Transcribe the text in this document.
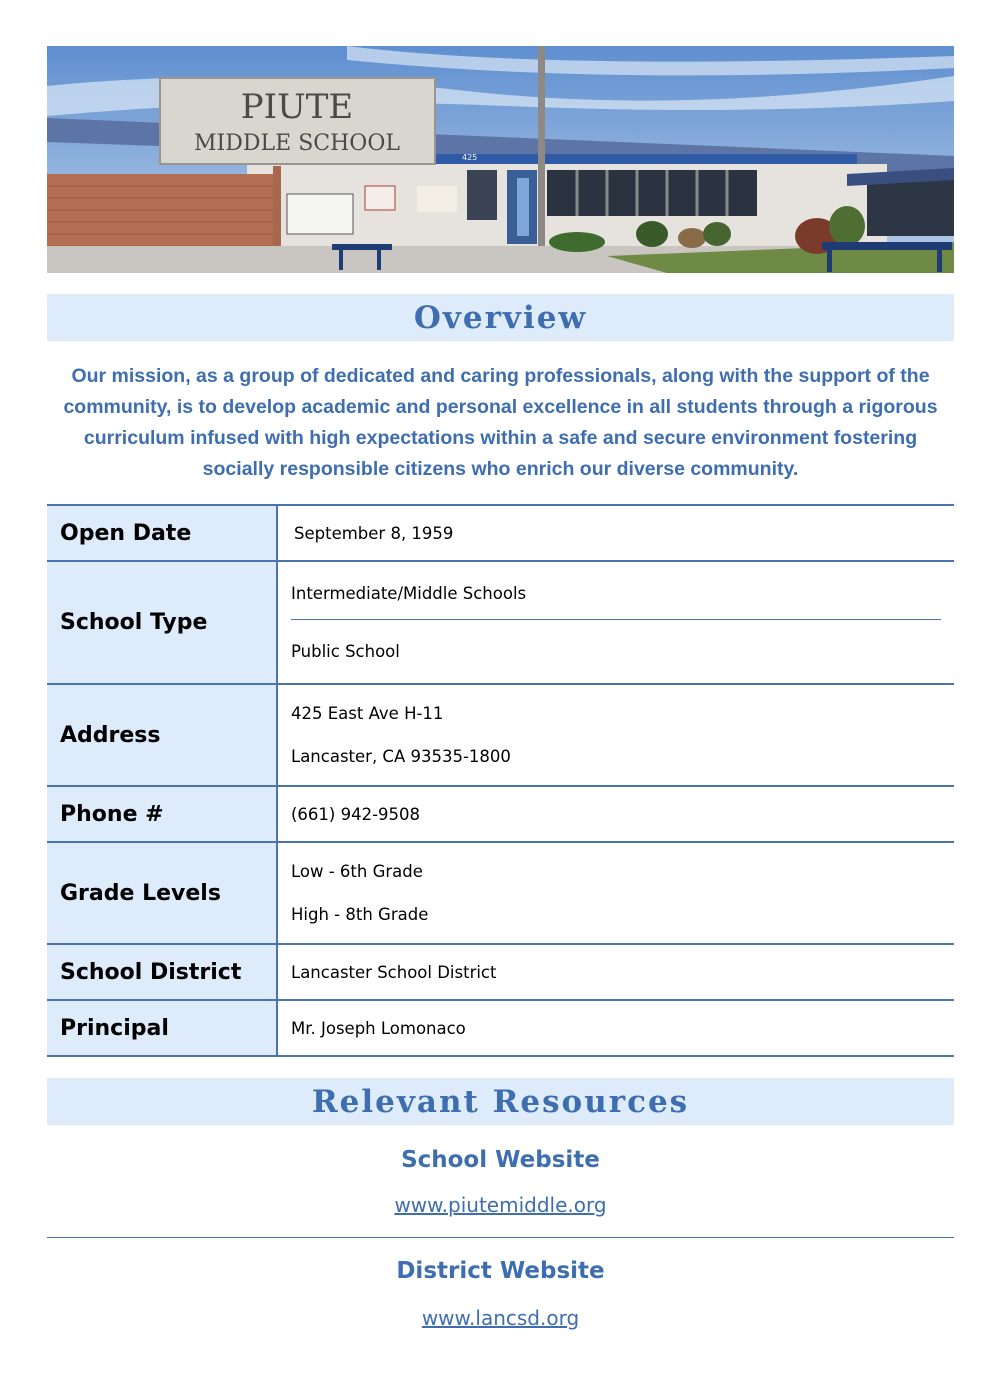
PIUTE
MIDDLE SCHOOL
425
Overview

Our mission, as a group of dedicated and caring professionals, along with the support of the community, is to develop academic and personal excellence in all students through a rigorous curriculum infused with high expectations within a safe and secure environment fostering socially responsible citizens who enrich our diverse community.

Open Date	September 8, 1959
School Type	Intermediate/Middle Schools
Public School

Address	425 East Ave H-11
Lancaster, CA 93535-1800

Phone #	(661) 942-9508
Grade Levels	Low - 6th Grade
High - 8th Grade

School District	Lancaster School District
Principal	Mr. Joseph Lomonaco
Relevant Resources
School Website
www.piutemiddle.org
District Website
www.lancsd.org
